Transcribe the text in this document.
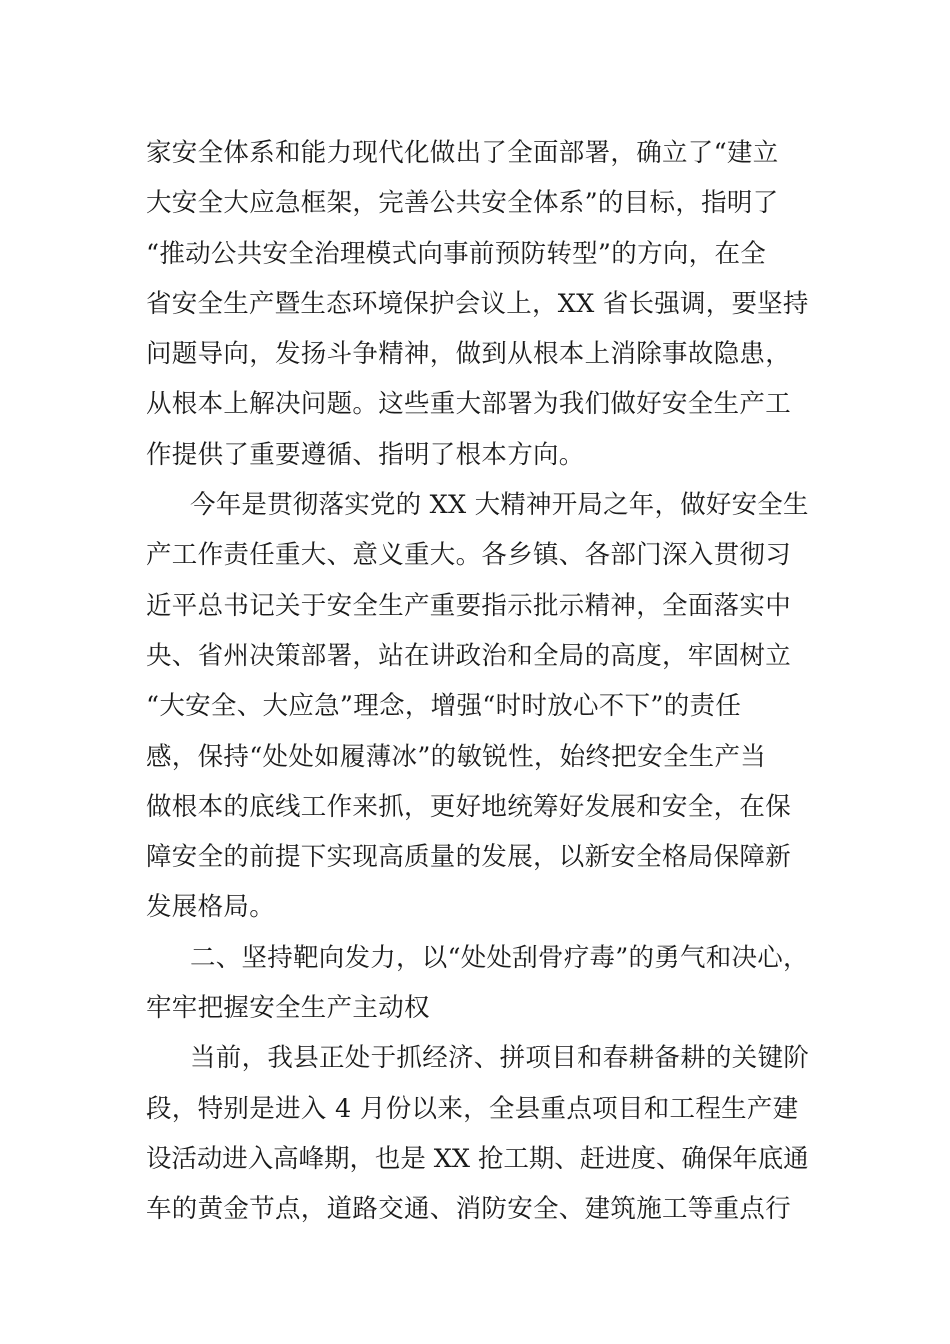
家安全体系和能力现代化做出了全面部署，确立了“建立
大安全大应急框架，完善公共安全体系”的目标，指明了
“推动公共安全治理模式向事前预防转型”的方向，在全
省安全生产暨生态环境保护会议上，XX 省长强调，要坚持
问题导向，发扬斗争精神，做到从根本上消除事故隐患，
从根本上解决问题。这些重大部署为我们做好安全生产工
作提供了重要遵循、指明了根本方向。
今年是贯彻落实党的 XX 大精神开局之年，做好安全生
产工作责任重大、意义重大。各乡镇、各部门深入贯彻习
近平总书记关于安全生产重要指示批示精神，全面落实中
央、省州决策部署，站在讲政治和全局的高度，牢固树立
“大安全、大应急”理念，增强“时时放心不下”的责任
感，保持“处处如履薄冰”的敏锐性，始终把安全生产当
做根本的底线工作来抓，更好地统筹好发展和安全，在保
障安全的前提下实现高质量的发展，以新安全格局保障新
发展格局。
二、坚持靶向发力，以“处处刮骨疗毒”的勇气和决心，
牢牢把握安全生产主动权
当前，我县正处于抓经济、拼项目和春耕备耕的关键阶
段，特别是进入 4 月份以来，全县重点项目和工程生产建
设活动进入高峰期，也是 XX 抢工期、赶进度、确保年底通
车的黄金节点，道路交通、消防安全、建筑施工等重点行
